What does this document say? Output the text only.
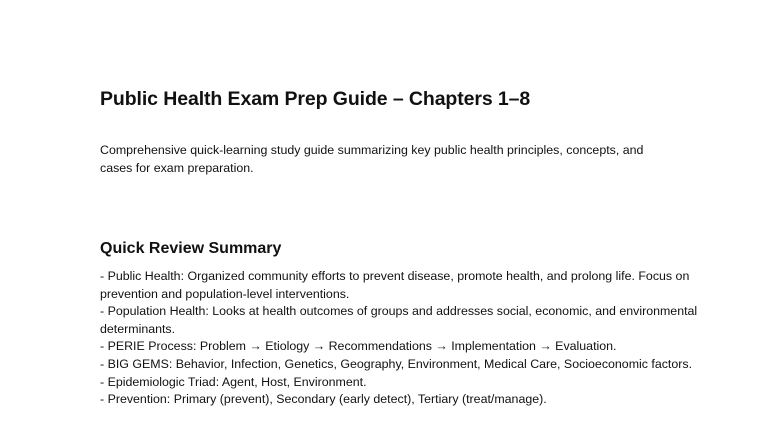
Public Health Exam Prep Guide – Chapters 1–8

Comprehensive quick-learning study guide summarizing key public health principles, concepts, and cases for exam preparation.

Quick Review Summary
- Public Health: Organized community efforts to prevent disease, promote health, and prolong life. Focus on prevention and population-level interventions.
- Population Health: Looks at health outcomes of groups and addresses social, economic, and environmental determinants.
- PERIE Process: Problem → Etiology → Recommendations → Implementation → Evaluation.
- BIG GEMS: Behavior, Infection, Genetics, Geography, Environment, Medical Care, Socioeconomic factors.
- Epidemiologic Triad: Agent, Host, Environment.
- Prevention: Primary (prevent), Secondary (early detect), Tertiary (treat/manage).
